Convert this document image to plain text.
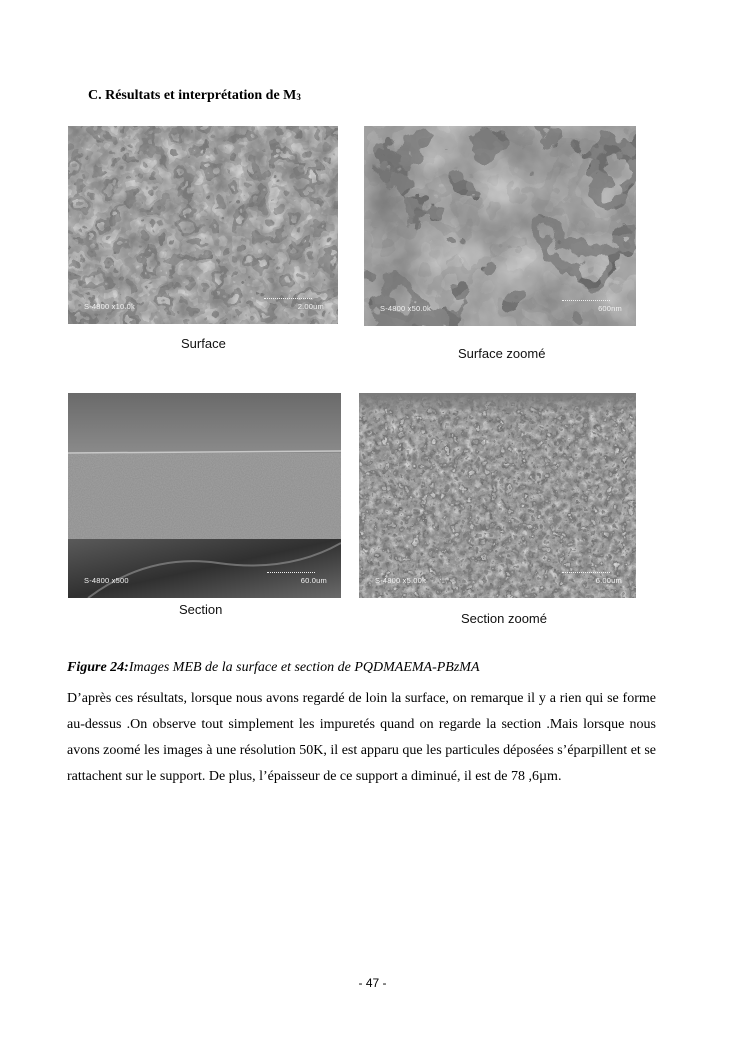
C. Résultats et interprétation de $M_3$
S-4800 x10.0k	2.00um	S-4800 x50.0k	600nm
Surface
Surface zoomé
S-4800 x500	60.0um	S-4800 x5.00k	6.00um
Section
Section zoomé
Figure 24:Images MEB de la surface et section de PQDMAEMA-PBzMA
D’après ces résultats, lorsque nous avons regardé de loin la surface, on remarque il y a rien qui se forme au-dessus .On observe tout simplement les impuretés quand on regarde la section .Mais lorsque nous avons zoomé les images à une résolution 50K, il est apparu que les particules déposées s’éparpillent et se rattachent sur le support. De plus, l’épaisseur de ce support a diminué, il est de 78 ,6µm.
- 47 -
